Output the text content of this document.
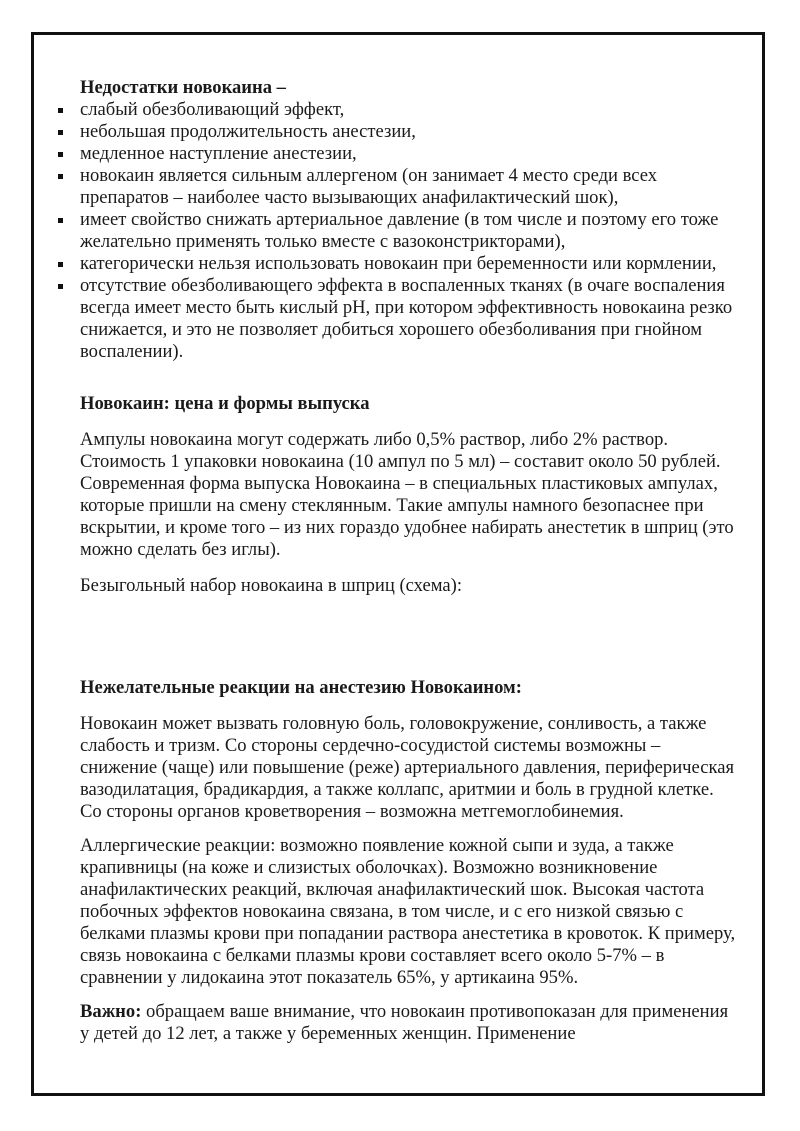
Недостатки новокаина –

слабый обезболивающий эффект,
небольшая продолжительность анестезии,
медленное наступление анестезии,
новокаин является сильным аллергеном (он занимает 4 место среди всех препаратов – наиболее часто вызывающих анафилактический шок),
имеет свойство снижать артериальное давление (в том числе и поэтому его тоже желательно применять только вместе с вазоконстрикторами),
категорически нельзя использовать новокаин при беременности или кормлении,
отсутствие обезболивающего эффекта в воспаленных тканях (в очаге воспаления всегда имеет место быть кислый pH, при котором эффективность новокаина резко снижается, и это не позволяет добиться хорошего обезболивания при гнойном воспалении).

Новокаин: цена и формы выпуска

Ампулы новокаина могут содержать либо 0,5% раствор, либо 2% раствор. Стоимость 1 упаковки новокаина (10 ампул по 5 мл) – составит около 50 рублей. Современная форма выпуска Новокаина – в специальных пластиковых ампулах, которые пришли на смену стеклянным. Такие ампулы намного безопаснее при вскрытии, и кроме того – из них гораздо удобнее набирать анестетик в шприц (это можно сделать без иглы).

Безыгольный набор новокаина в шприц (схема):

Нежелательные реакции на анестезию Новокаином:

Новокаин может вызвать головную боль, головокружение, сонливость, а также слабость и тризм. Со стороны сердечно-сосудистой системы возможны – снижение (чаще) или повышение (реже) артериального давления, периферическая вазодилатация, брадикардия, а также коллапс, аритмии и боль в грудной клетке. Со стороны органов кроветворения – возможна метгемоглобинемия.

Аллергические реакции: возможно появление кожной сыпи и зуда, а также крапивницы (на коже и слизистых оболочках). Возможно возникновение анафилактических реакций, включая анафилактический шок. Высокая частота побочных эффектов новокаина связана, в том числе, и с его низкой связью с белками плазмы крови при попадании раствора анестетика в кровоток. К примеру, связь новокаина с белками плазмы крови составляет всего около 5-7% – в сравнении у лидокаина этот показатель 65%, у артикаина 95%.

Важно: обращаем ваше внимание, что новокаин противопоказан для применения у детей до 12 лет, а также у беременных женщин. Применение
